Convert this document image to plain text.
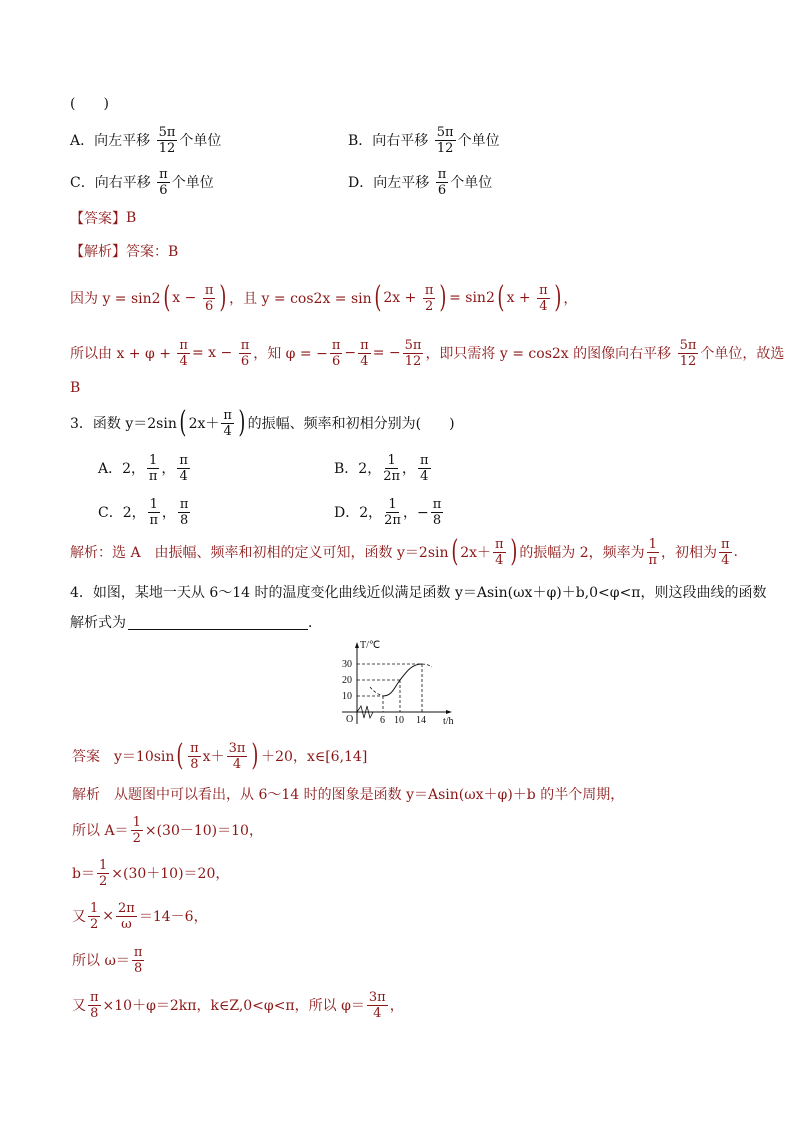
(　　)
A．向左平移 $\frac{5\pi}{12}$ 个单位	B．向右平移 $\frac{5\pi}{12}$ 个单位
C．向右平移 $\frac{\pi}{6}$ 个单位	D．向左平移 $\frac{\pi}{6}$ 个单位
【答案】 B
【解析】答案：B
因为 y = sin2 ( $x - \frac{\pi}{6}$ ) ，且 y = cos2x = sin ( $2x + \frac{\pi}{2}$ ) = sin2 ( $x + \frac{\pi}{4}$ ) ，
所以由 $x + \varphi + \frac{\pi}{4} = x - \frac{\pi}{6}$ ，知 φ = − $\frac{\pi}{6} - \frac{\pi}{4}$ = − $\frac{5\pi}{12}$ ，即只需将 y = cos2x 的图像向右平移 $\frac{5\pi}{12}$ 个单位，故选
B
3．函数 y＝2sin ( $2x+ \frac{\pi}{4}$ ) 的振幅、频率和初相分别为(　　)
A．2， $\frac{1}{\pi}$ ， $\frac{\pi}{4}$	B．2， $\frac{1}{2\pi}$ ， $\frac{\pi}{4}$
C．2， $\frac{1}{\pi}$ ， $\frac{\pi}{8}$	D．2， $\frac{1}{2\pi}$ ，− $\frac{\pi}{8}$
解析：选 A　由振幅、频率和初相的定义可知，函数 y＝2sin ( $2x+ \frac{\pi}{4}$ ) 的振幅为 2，频率为 $\frac{1}{\pi}$ ，初相为 $\frac{\pi}{4}$ .
4．如图，某地一天从 6～14 时的温度变化曲线近似满足函数 y＝Asin(ωx＋φ)＋b,0<φ<π，则这段曲线的函数
解析式为	．
T/℃
t/h
O
10
20
30
6 10 14
答案　 y＝10sin ( $\frac{\pi}{8} x+ \frac{3\pi}{4}$ ) ＋20，x∈[6,14]
解析　从题图中可以看出，从 6～14 时的图象是函数 y＝Asin(ωx＋φ)＋b 的半个周期，
所以 $A= \frac{1}{2} \times(30-10)=10$，
$b= \frac{1}{2} \times(30+10)=20$，
又 $\frac{1}{2} \times \frac{2\pi}{\omega} =14-6$，
所以 $\omega= \frac{\pi}{8}$
又 $\frac{\pi}{8} \times 10+\varphi=2k\pi$，k∈Z,0<φ<π，所以 $\varphi= \frac{3\pi}{4}$ ，
